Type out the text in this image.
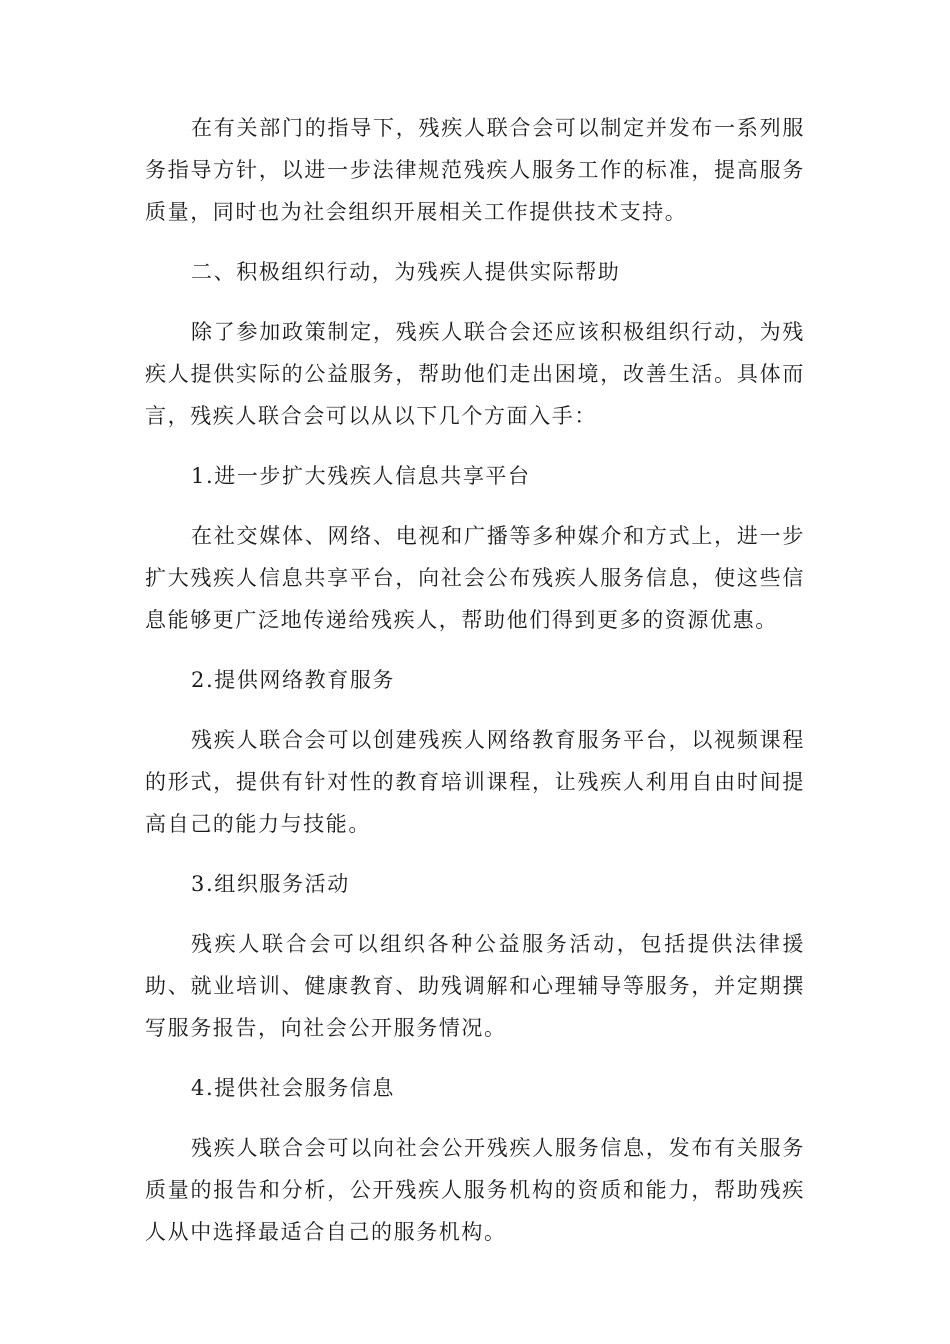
在有关部门的指导下，残疾人联合会可以制定并发布一系列服务指导方针，以进一步法律规范残疾人服务工作的标准，提高服务质量，同时也为社会组织开展相关工作提供技术支持。

二、积极组织行动，为残疾人提供实际帮助

除了参加政策制定，残疾人联合会还应该积极组织行动，为残疾人提供实际的公益服务，帮助他们走出困境，改善生活。具体而言，残疾人联合会可以从以下几个方面入手：

1.进一步扩大残疾人信息共享平台

在社交媒体、网络、电视和广播等多种媒介和方式上，进一步扩大残疾人信息共享平台，向社会公布残疾人服务信息，使这些信息能够更广泛地传递给残疾人，帮助他们得到更多的资源优惠。

2.提供网络教育服务

残疾人联合会可以创建残疾人网络教育服务平台，以视频课程的形式，提供有针对性的教育培训课程，让残疾人利用自由时间提高自己的能力与技能。

3.组织服务活动

残疾人联合会可以组织各种公益服务活动，包括提供法律援助、就业培训、健康教育、助残调解和心理辅导等服务，并定期撰写服务报告，向社会公开服务情况。

4.提供社会服务信息

残疾人联合会可以向社会公开残疾人服务信息，发布有关服务质量的报告和分析，公开残疾人服务机构的资质和能力，帮助残疾人从中选择最适合自己的服务机构。
